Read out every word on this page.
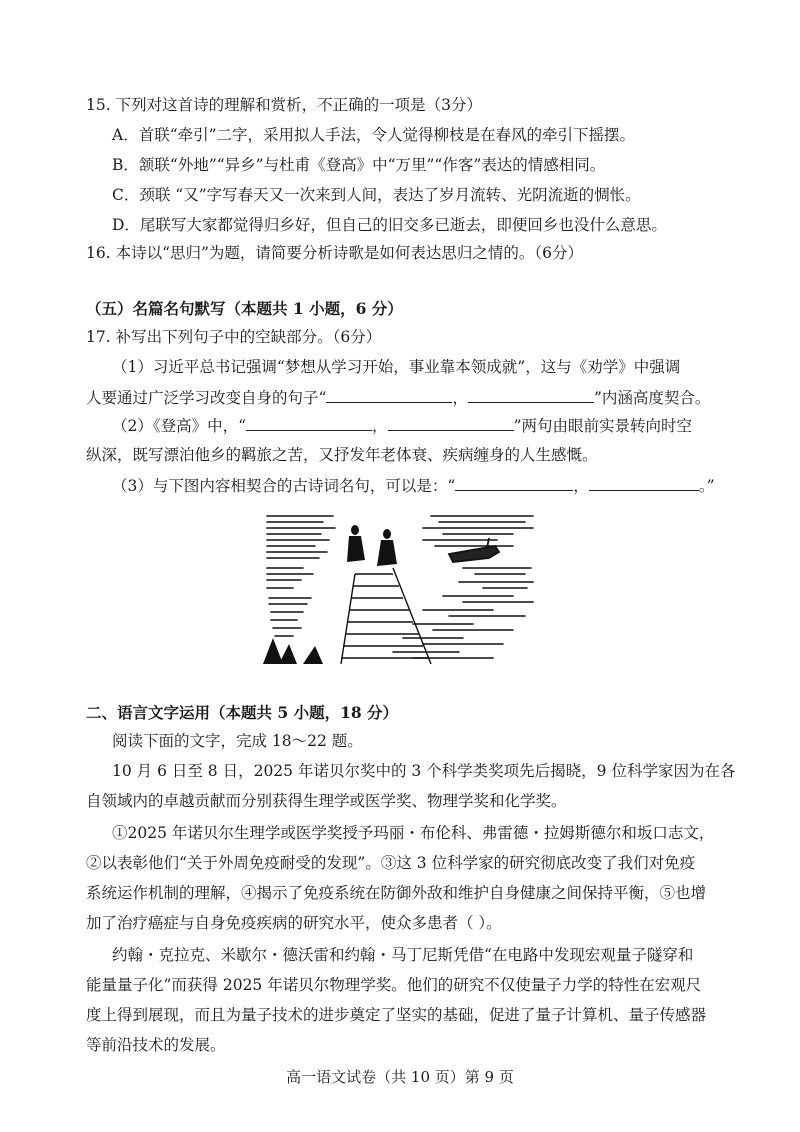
15. 下列对这首诗的理解和赏析，不正确的一项是（3分）
A．首联“牵引”二字，采用拟人手法，令人觉得柳枝是在春风的牵引下摇摆。
B．颔联“外地”“异乡”与杜甫《登高》中“万里”“作客”表达的情感相同。
C．颈联 “又”字写春天又一次来到人间，表达了岁月流转、光阴流逝的惆怅。
D．尾联写大家都觉得归乡好，但自己的旧交多已逝去，即便回乡也没什么意思。
16. 本诗以“思归”为题，请简要分析诗歌是如何表达思归之情的。（6分）
（五）名篇名句默写（本题共 1 小题，6 分）
17. 补写出下列句子中的空缺部分。（6分）
（1）习近平总书记强调“梦想从学习开始，事业靠本领成就”，这与《劝学》中强调
人要通过广泛学习改变自身的句子“	，	”内涵高度契合。
（2）《登高》中，“	，	”两句由眼前实景转向时空
纵深，既写漂泊他乡的羁旅之苦，又抒发年老体衰、疾病缠身的人生感慨。
（3）与下图内容相契合的古诗词名句，可以是：“	，	。”
二、语言文字运用（本题共 5 小题，18 分）
阅读下面的文字，完成 18～22 题。
10 月 6 日至 8 日，2025 年诺贝尔奖中的 3 个科学类奖项先后揭晓，9 位科学家因为在各
自领域内的卓越贡献而分别获得生理学或医学奖、物理学奖和化学奖。
①2025 年诺贝尔生理学或医学奖授予玛丽・布伦科、弗雷德・拉姆斯德尔和坂口志文，
②以表彰他们“关于外周免疫耐受的发现”。③这 3 位科学家的研究彻底改变了我们对免疫
系统运作机制的理解，④揭示了免疫系统在防御外敌和维护自身健康之间保持平衡，⑤也增
加了治疗癌症与自身免疫疾病的研究水平，使众多患者（ ）。
约翰・克拉克、米歇尔・德沃雷和约翰・马丁尼斯凭借“在电路中发现宏观量子隧穿和
能量量子化”而获得 2025 年诺贝尔物理学奖。他们的研究不仅使量子力学的特性在宏观尺
度上得到展现，而且为量子技术的进步奠定了坚实的基础，促进了量子计算机、量子传感器
等前沿技术的发展。
高一语文试卷（共 10 页）第 9 页
